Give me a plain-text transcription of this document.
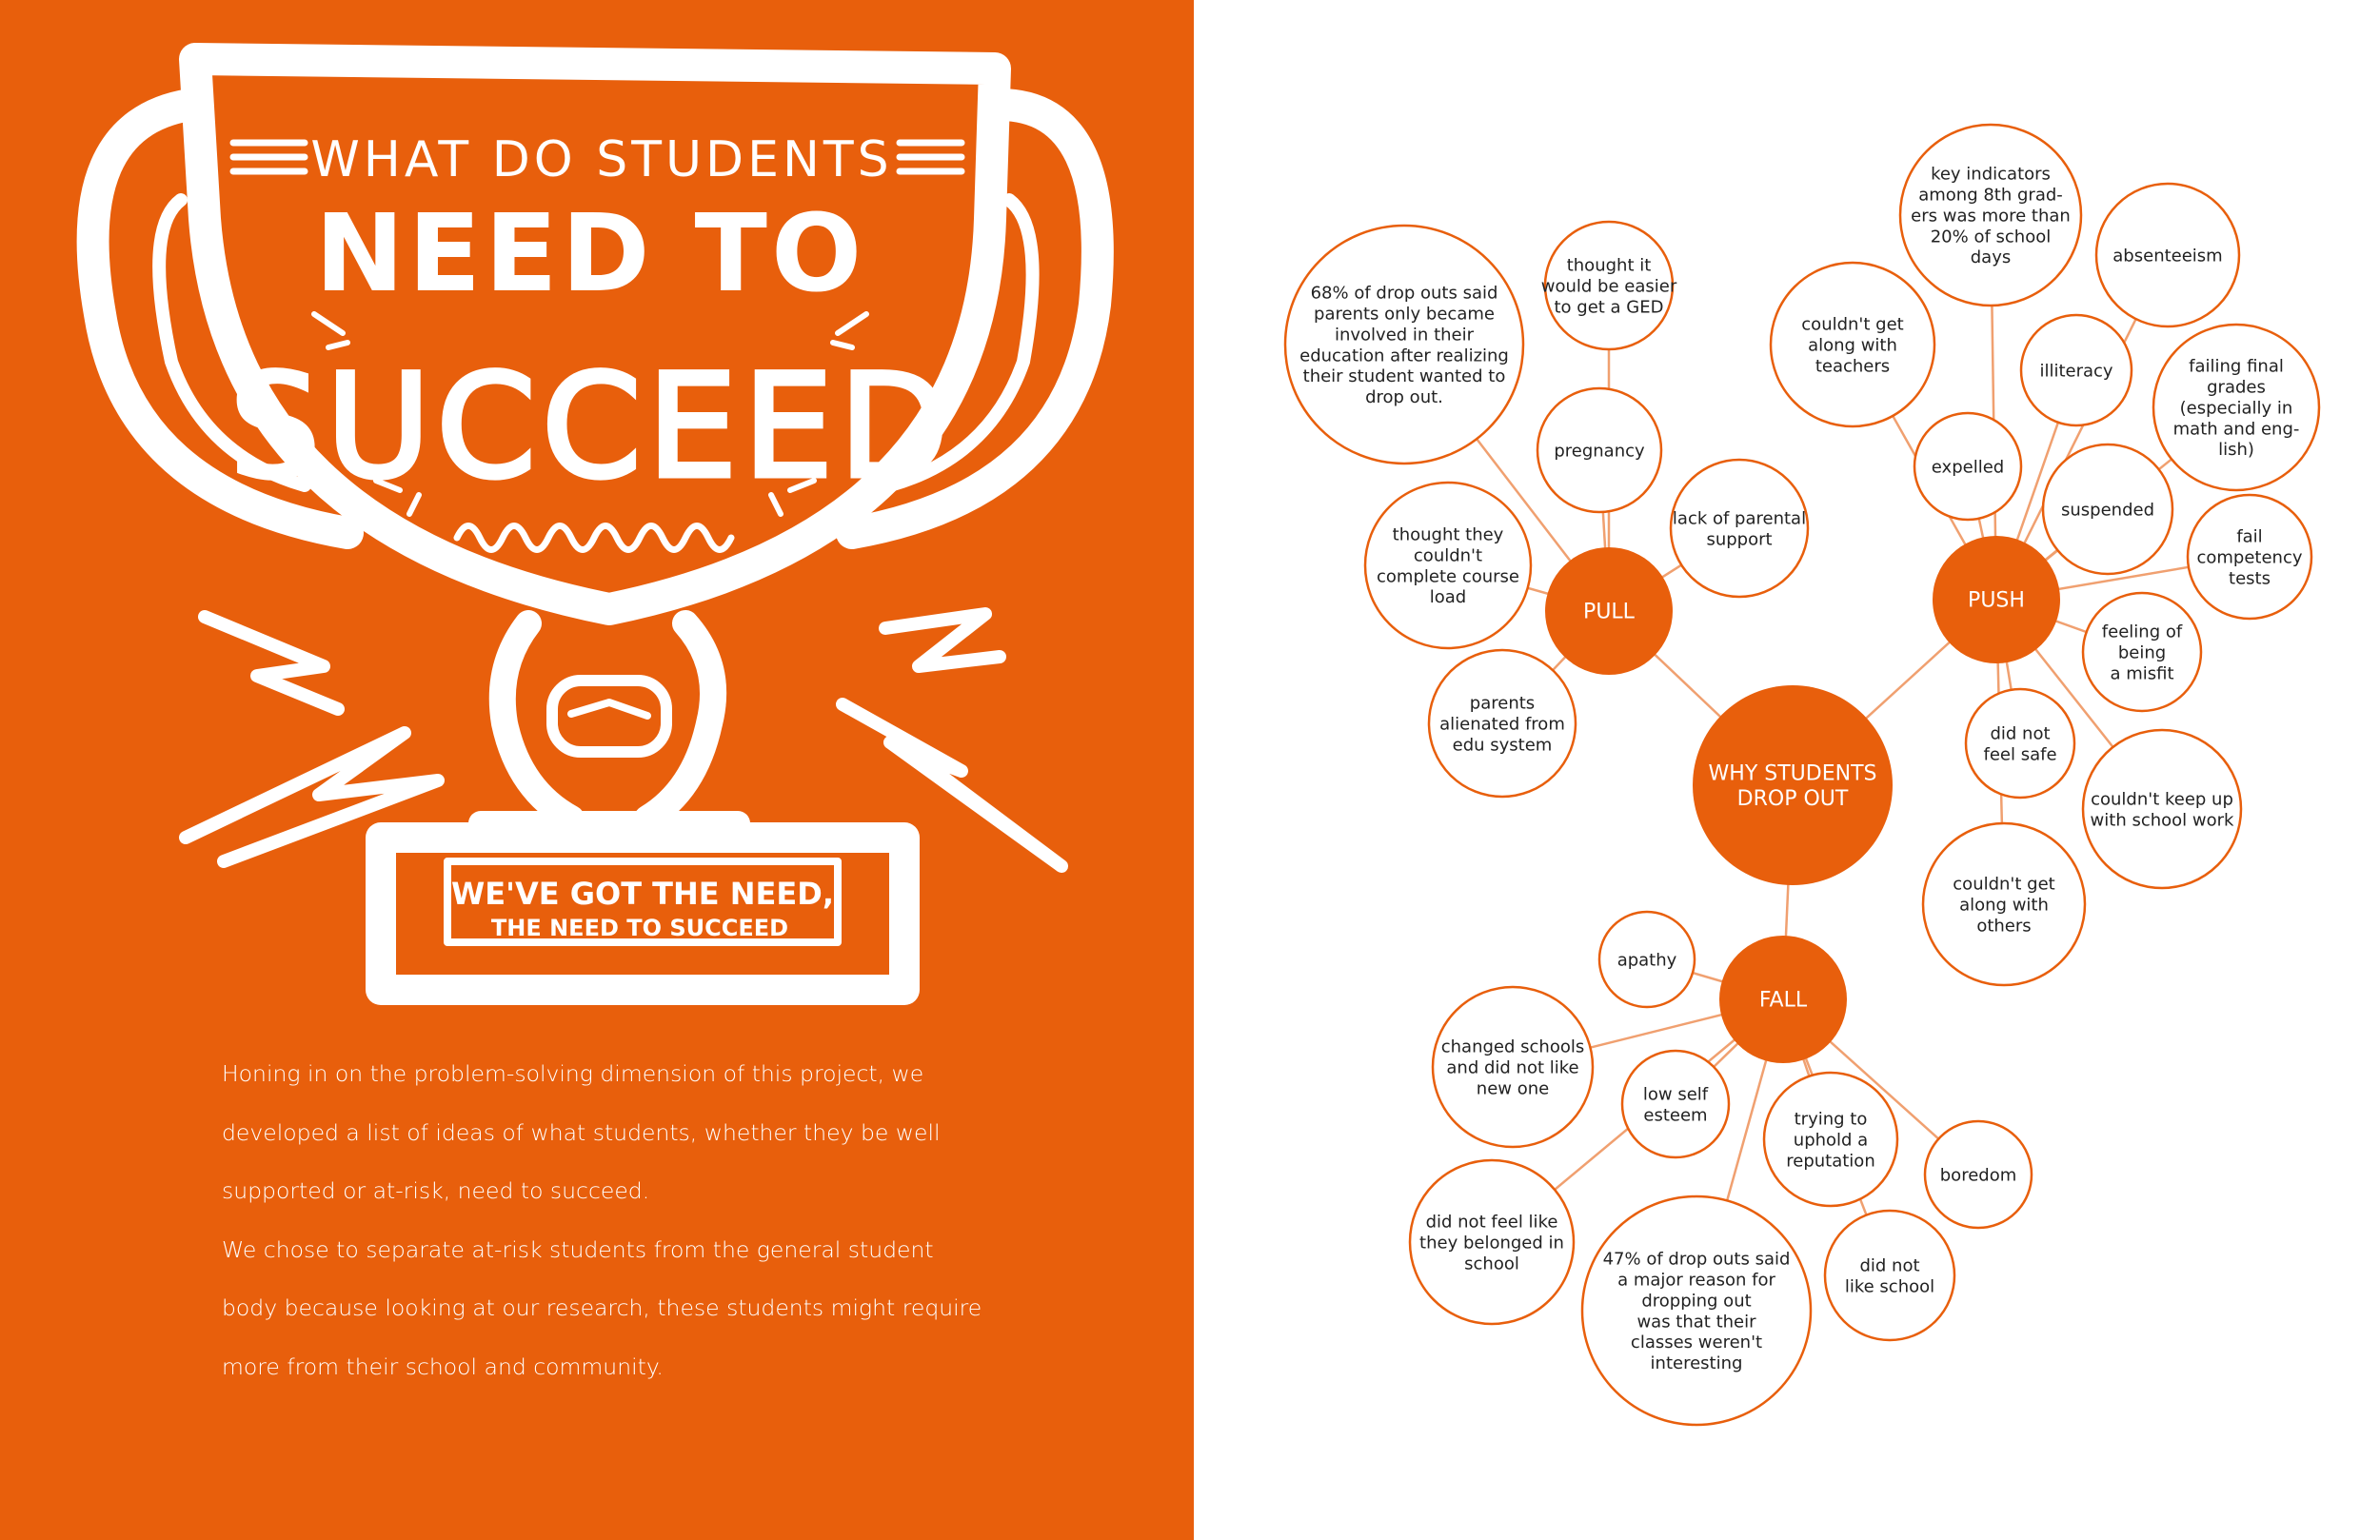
WHAT DO STUDENTS
NEED TO
SUCCEED
WE'VE GOT THE NEED,
THE NEED TO SUCCEED

Honing in on the problem-solving dimension of this project, we developed a list of ideas of what students, whether they be well supported or at-risk, need to succeed.

We chose to separate at-risk students from the general student body because looking at our research, these students might require more from their school and community.

68% of drop outs said parents only became involved in their education after realizing their student wanted to drop out.
thought it would be easier to get a GED
pregnancy
lack of parental support
thought they couldn't complete course load
parents alienated from edu system
key indicators among 8th grad-ers was more than 20% of school days	absenteeism
couldn't get along with teachers	illiteracy	failing final grades (especially in math and eng-lish)
expelled
suspended
fail competency tests
feeling of being a misfit
did not feel safe
couldn't keep up with school work
couldn't get along with others
apathy
changed schools and did not like new one	low self esteem	trying to uphold a reputation
boredom
did not feel like they belonged in school	47% of drop outs said a major reason for dropping out was that their classes weren't interesting
did not like school
WHY STUDENTS DROP OUT
PULL	PUSH
FALL
